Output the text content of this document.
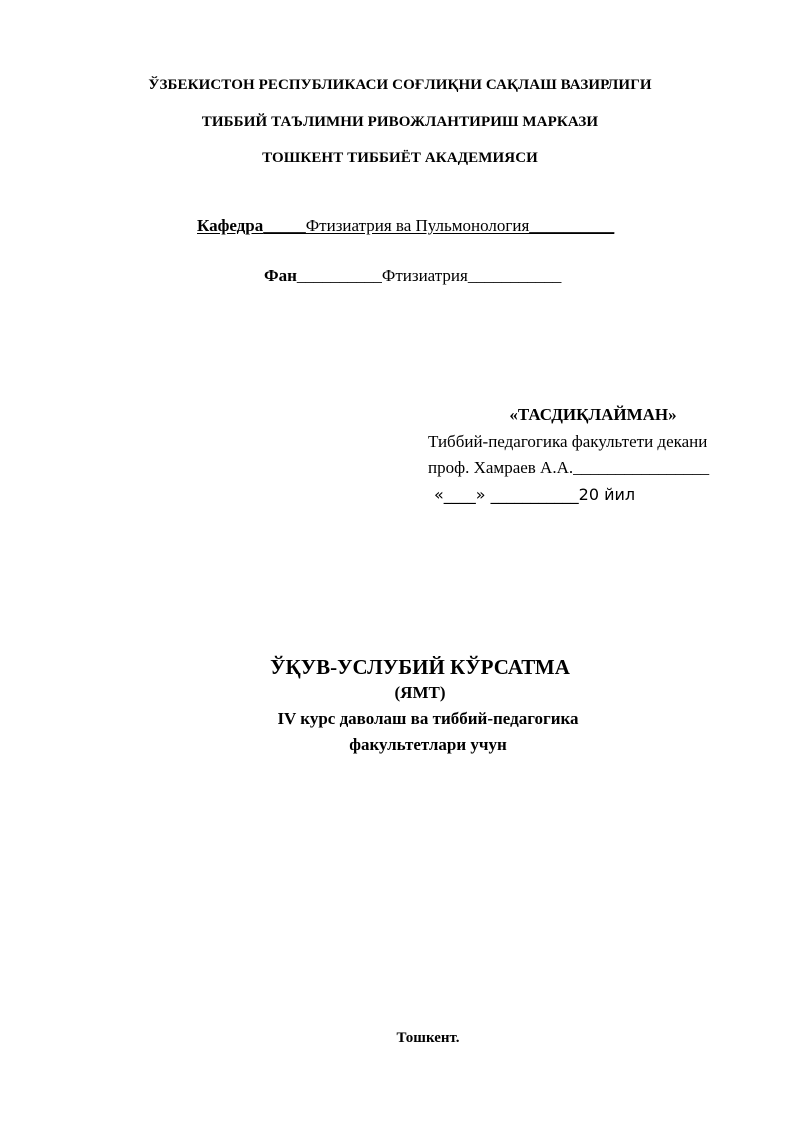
ЎЗБЕКИСТОН РЕСПУБЛИКАСИ СОҒЛИҚНИ САҚЛАШ ВАЗИРЛИГИ
ТИББИЙ ТАЪЛИМНИ РИВОЖЛАНТИРИШ МАРКАЗИ
ТОШКЕНТ ТИББИЁТ АКАДЕМИЯСИ
Кафедра_____Фтизиатрия ва Пульмонология__________
Фан__________Фтизиатрия___________
«ТАСДИҚЛАЙМАН»
Тиббий-педагогика факультети декани
проф. Хамраев А.А.________________
«____» ___________20 йил
ЎҚУВ-УСЛУБИЙ КЎРСАТМА
(ЯМТ)
IV курс даволаш ва тиббий-педагогика
факультетлари учун
Тошкент.
